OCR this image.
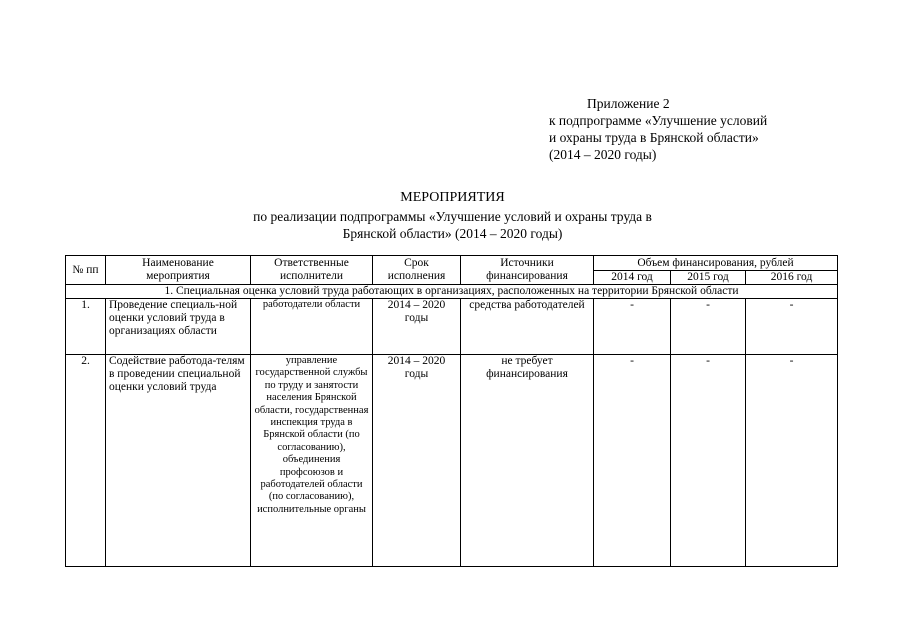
Приложение 2
к подпрограмме «Улучшение условий
и охраны труда в Брянской области»
(2014 – 2020 годы)
МЕРОПРИЯТИЯ
по реализации подпрограммы «Улучшение условий и охраны труда в
Брянской области» (2014 – 2020 годы)
№ пп	Наименование мероприятия	Ответственные исполнители	Срок исполнения	Источники финансирования	Объем финансирования, рублей		
					2014 год	2015 год	2016 год
1. Специальная оценка условий труда работающих в организациях, расположенных на территории Брянской области							
1.	Проведение специаль-ной оценки условий труда в организациях области	работодатели области	2014 – 2020 годы	средства работодателей	-	-	-
2.	Содействие работода-телям в проведении специальной оценки условий труда	управление государственной службы по труду и занятости населения Брянской области, государственная инспекция труда в Брянской области (по согласованию), объединения профсоюзов и работодателей области (по согласованию), исполнительные органы	2014 – 2020 годы	не требует финансирования	-	-	-
